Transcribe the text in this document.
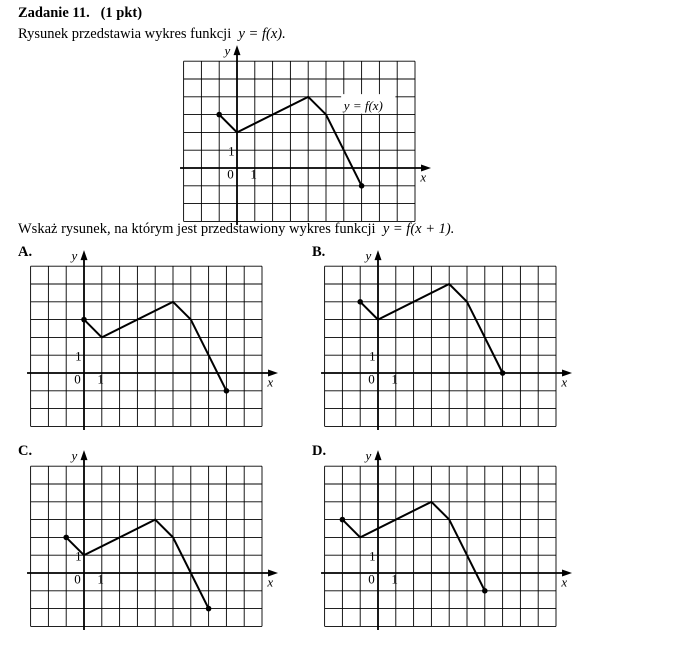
Zadanie 11. (1 pkt)
Rysunek przedstawia wykres funkcji y = f(x).
Wskaż rysunek, na którym jest przedstawiony wykres funkcji y = f(x + 1).
A.	B.
C.	D.
x
y
0 1
1
y = f(x)
x
y
0 1
1
x
y
0 1
1
x
y
0 1
1
x
y
0 1
1
